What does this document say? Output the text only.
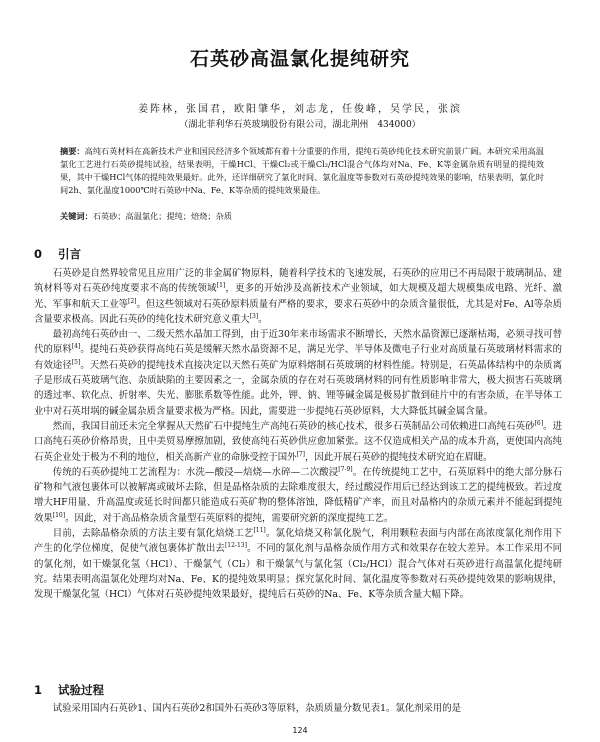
石英砂高温氯化提纯研究
姜阵林，张国君，欧阳肇华，刘志龙，任俊峰，吴学民，张滨
（湖北菲利华石英玻璃股份有限公司，湖北荆州　434000）
摘要：高纯石英材料在高新技术产业和国民经济多个领域都有着十分重要的作用，提纯石英砂纯化技术研究前景广阔。本研究采用高温氯化工艺进行石英砂提纯试验，结果表明，干燥HCl、干燥Cl₂或干燥Cl₂/HCl混合气体均对Na、Fe、K等金属杂质有明显的提纯效果，其中干燥HCl气体的提纯效果最好。此外，还详细研究了氯化时间、氯化温度等参数对石英砂提纯效果的影响，结果表明，氯化时间2h、氯化温度1000℃时石英砂中Na、Fe、K等杂质的提纯效果最佳。
关键词：石英砂；高温氯化；提纯；焙烧；杂质
0 引言

石英砂是自然界较常见且应用广泛的非金属矿物原料，随着科学技术的飞速发展，石英砂的应用已不再局限于玻璃制品、建筑材料等对石英砂纯度要求不高的传统领域[1]，更多的开始涉及高新技术产业领域，如大规模及超大规模集成电路、光纤、激光、军事和航天工业等[2]。但这些领域对石英砂原料质量有严格的要求，要求石英砂中的杂质含量很低，尤其是对Fe、Al等杂质含量要求极高。因此石英砂的纯化技术研究意义重大[3]。

最初高纯石英砂由一、二级天然水晶加工得到，由于近30年来市场需求不断增长，天然水晶资源已逐渐枯竭，必须寻找可替代的原料[4]。提纯石英砂获得高纯石英是缓解天然水晶资源不足，满足光学、半导体及微电子行业对高质量石英玻璃材料需求的有效途径[5]。天然石英砂的提纯技术直接决定以天然石英矿为原料熔制石英玻璃的材料性能。特别是，石英晶体结构中的杂质离子是形成石英玻璃气泡、杂质缺陷的主要因素之一，金属杂质的存在对石英玻璃材料的同有性质影响非常大，极大损害石英玻璃的透过率、软化点、折射率、失光、膨胀系数等性能。此外，钾、钠、锂等碱金属是极易扩散到硅片中的有害杂质，在半导体工业中对石英坩埚的碱金属杂质含量要求极为严格。因此，需要进一步提纯石英砂原料，大大降低其碱金属含量。

然而，我国目前还未完全掌握从天然矿石中提纯生产高纯石英砂的核心技术，很多石英制品公司依赖进口高纯石英砂[6]。进口高纯石英砂价格昂贵，且中美贸易摩擦加剧，致使高纯石英砂供应愈加紧张。这不仅造成相关产品的成本升高，更使国内高纯石英企业处于极为不利的地位，相关高新产业的命脉受控于国外[7]，因此开展石英砂的提纯技术研究迫在眉睫。

传统的石英砂提纯工艺流程为：水洗—酸浸—焙烧—水碎—二次酸浸[7-9]。在传统提纯工艺中，石英原料中的绝大部分脉石矿物和气液包裹体可以被解离或破坏去除，但是晶格杂质的去除难度很大，经过酸浸作用后已经达到该工艺的提纯极致。若过度增大HF用量、升高温度或延长时间都只能造成石英矿物的整体溶蚀，降低精矿产率，而且对晶格内的杂质元素并不能起到提纯效果[10]。因此，对于高品格杂质含量型石英原料的提纯，需要研究新的深度提纯工艺。

目前，去除晶格杂质的方法主要有氯化焙烧工艺[11]。氯化焙烧又称氯化脱气，利用颗粒表面与内部在高浓度氯化剂作用下产生的化学位梯度，促使气液包裹体扩散出去[12-13]。不同的氯化剂与晶格杂质作用方式和效果存在较大差异。本工作采用不同的氯化剂，如干燥氯化氢（HCl）、干燥氯气（Cl₂）和干燥氯气与氯化氢（Cl₂/HCl）混合气体对石英砂进行高温氯化提纯研究。结果表明高温氯化处理均对Na、Fe、K的提纯效果明显；探究氯化时间、氯化温度等参数对石英砂提纯效果的影响规律，发现干燥氯化氢（HCl）气体对石英砂提纯效果最好，提纯后石英砂的Na、Fe、K等杂质含量大幅下降。

1 试验过程

试验采用国内石英砂1、国内石英砂2和国外石英砂3等原料，杂质质量分数见表1。氯化剂采用的是

124
